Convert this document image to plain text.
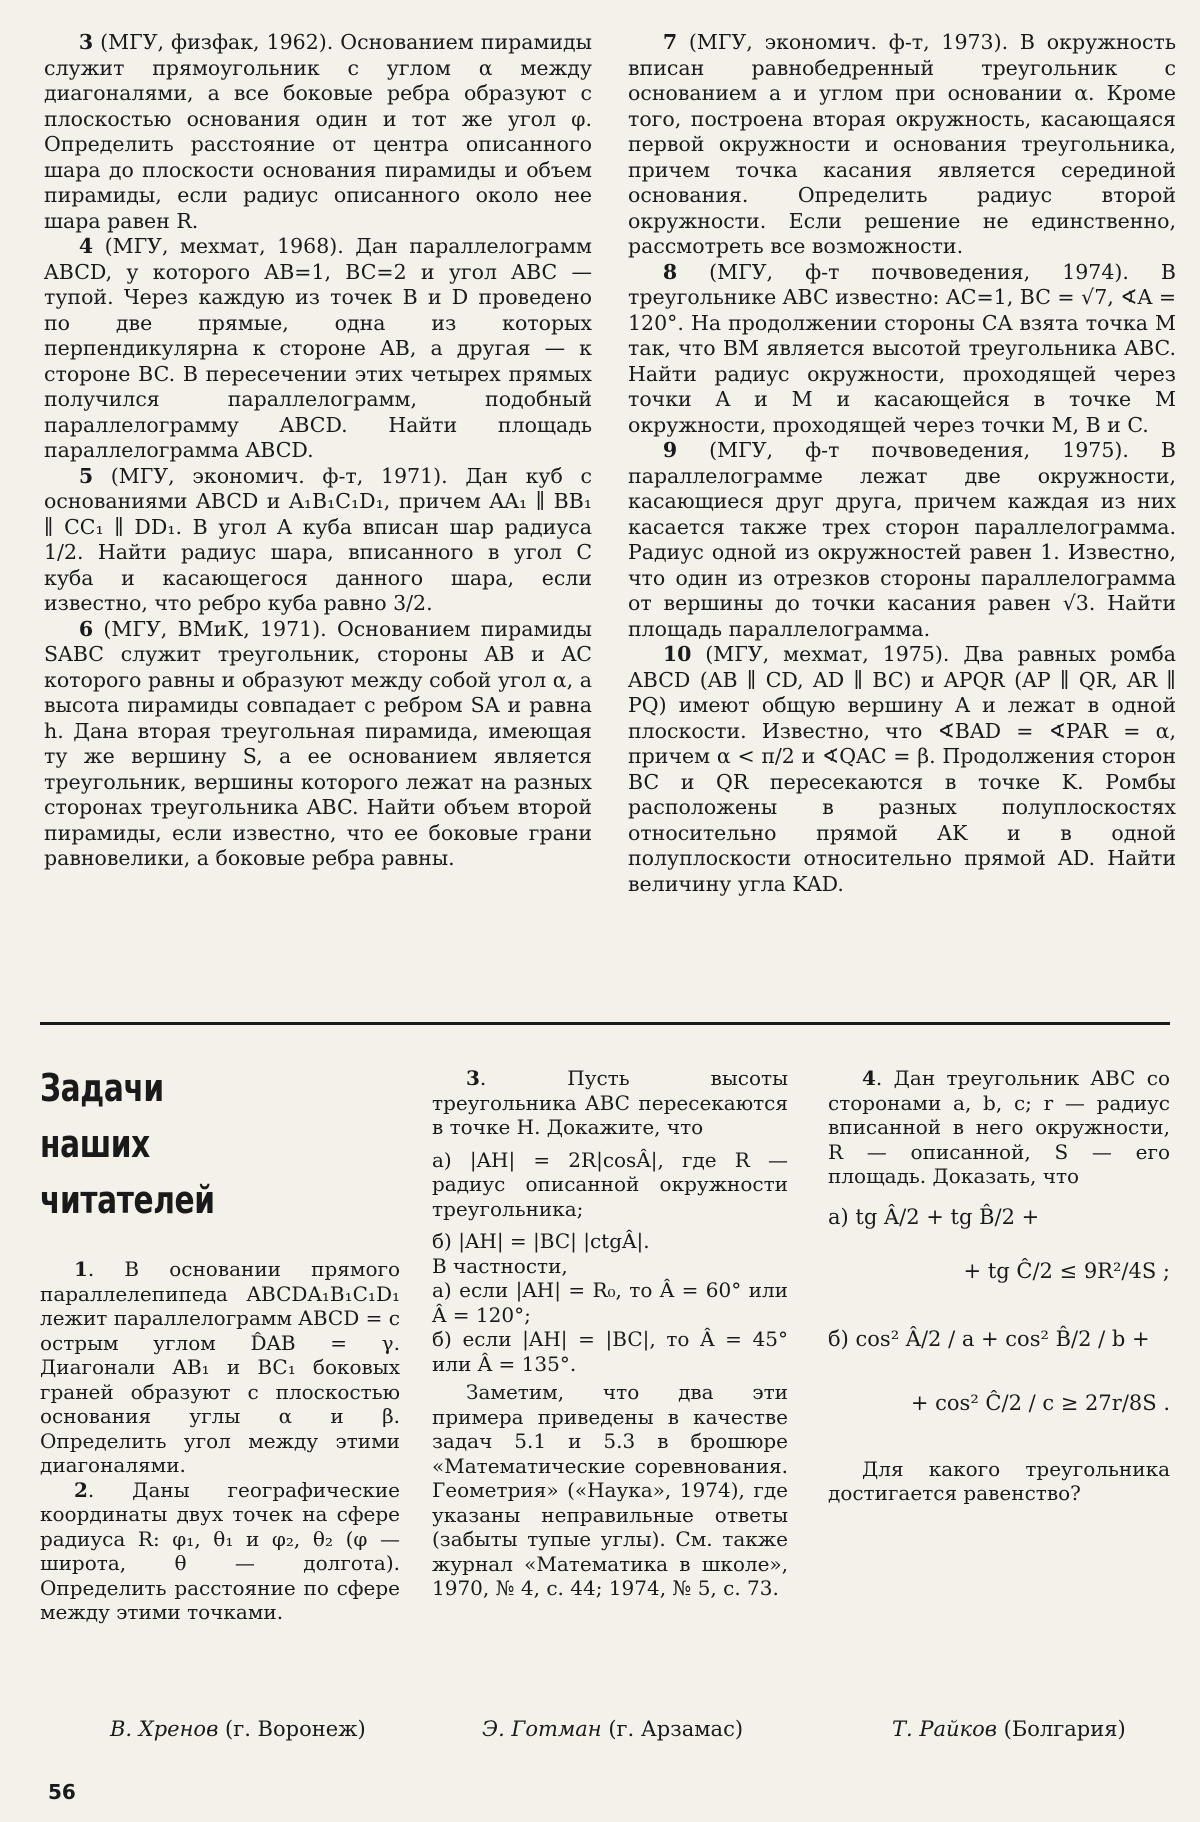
3 (МГУ, физфак, 1962). Основанием пирамиды служит прямоугольник с углом α между диагоналями, а все боковые ребра образуют с плоскостью основания один и тот же угол φ. Определить расстояние от центра описанного шара до плоскости основания пирамиды и объем пирамиды, если радиус описанного около нее шара равен R.

4 (МГУ, мехмат, 1968). Дан параллелограмм ABCD, у которого AB=1, BC=2 и угол ABC — тупой. Через каждую из точек B и D проведено по две прямые, одна из которых перпендикулярна к стороне AB, а другая — к стороне BC. В пересечении этих четырех прямых получился параллелограмм, подобный параллелограмму ABCD. Найти площадь параллелограмма ABCD.

5 (МГУ, экономич. ф-т, 1971). Дан куб с основаниями ABCD и A₁B₁C₁D₁, причем AA₁ ∥ BB₁ ∥ CC₁ ∥ DD₁. В угол A куба вписан шар радиуса 1/2. Найти радиус шара, вписанного в угол C куба и касающегося данного шара, если известно, что ребро куба равно 3/2.

6 (МГУ, ВМиК, 1971). Основанием пирамиды SABC служит треугольник, стороны AB и AC которого равны и образуют между собой угол α, а высота пирамиды совпадает с ребром SA и равна h. Дана вторая треугольная пирамида, имеющая ту же вершину S, а ее основанием является треугольник, вершины которого лежат на разных сторонах треугольника ABC. Найти объем второй пирамиды, если известно, что ее боковые грани равновелики, а боковые ребра равны.

7 (МГУ, экономич. ф-т, 1973). В окружность вписан равнобедренный треугольник с основанием a и углом при основании α. Кроме того, построена вторая окружность, касающаяся первой окружности и основания треугольника, причем точка касания является серединой основания. Определить радиус второй окружности. Если решение не единственно, рассмотреть все возможности.

8 (МГУ, ф-т почвоведения, 1974). В треугольнике ABC известно: AC=1, BC = √7, ∢A = 120°. На продолжении стороны CA взята точка M так, что BM является высотой треугольника ABC. Найти радиус окружности, проходящей через точки A и M и касающейся в точке M окружности, проходящей через точки M, B и C.

9 (МГУ, ф-т почвоведения, 1975). В параллелограмме лежат две окружности, касающиеся друг друга, причем каждая из них касается также трех сторон параллелограмма. Радиус одной из окружностей равен 1. Известно, что один из отрезков стороны параллелограмма от вершины до точки касания равен √3. Найти площадь параллелограмма.

10 (МГУ, мехмат, 1975). Два равных ромба ABCD (AB ∥ CD, AD ∥ BC) и APQR (AP ∥ QR, AR ∥ PQ) имеют общую вершину A и лежат в одной плоскости. Известно, что ∢BAD = ∢PAR = α, причем α < π/2 и ∢QAC = β. Продолжения сторон BC и QR пересекаются в точке K. Ромбы расположены в разных полуплоскостях относительно прямой AK и в одной полуплоскости относительно прямой AD. Найти величину угла KAD.

Задачи
наших
читателей

1. В основании прямого параллелепипеда ABCDA₁B₁C₁D₁ лежит параллелограмм ABCD = с острым углом D̂AB = γ. Диагонали AB₁ и BC₁ боковых граней образуют с плоскостью основания углы α и β. Определить угол между этими диагоналями.

2. Даны географические координаты двух точек на сфере радиуса R: φ₁, θ₁ и φ₂, θ₂ (φ — широта, θ — долгота). Определить расстояние по сфере между этими точками.

3. Пусть высоты треугольника ABC пересекаются в точке H. Докажите, что

а) |AH| = 2R|cosÂ|, где R — радиус описанной окружности треугольника;

б) |AH| = |BC| |ctgÂ|.

В частности,

а) если |AH| = R₀, то Â = 60° или Â = 120°;

б) если |AH| = |BC|, то Â = 45° или Â = 135°.

Заметим, что два эти примера приведены в качестве задач 5.1 и 5.3 в брошюре «Математические соревнования. Геометрия» («Наука», 1974), где указаны неправильные ответы (забыты тупые углы). См. также журнал «Математика в школе», 1970, № 4, с. 44; 1974, № 5, с. 73.

4. Дан треугольник ABC со сторонами a, b, c; r — радиус вписанной в него окружности, R — описанной, S — его площадь. Доказать, что

а) tg Â/2 + tg B̂/2 +
+ tg Ĉ/2 ≤ 9R²/4S ;
б) cos² Â/2 / a + cos² B̂/2 / b +
+ cos² Ĉ/2 / c ≥ 27r/8S .

Для какого треугольника достигается равенство?

В. Хренов (г. Воронеж)	Э. Готман (г. Арзамас)	Т. Райков (Болгария)
56
